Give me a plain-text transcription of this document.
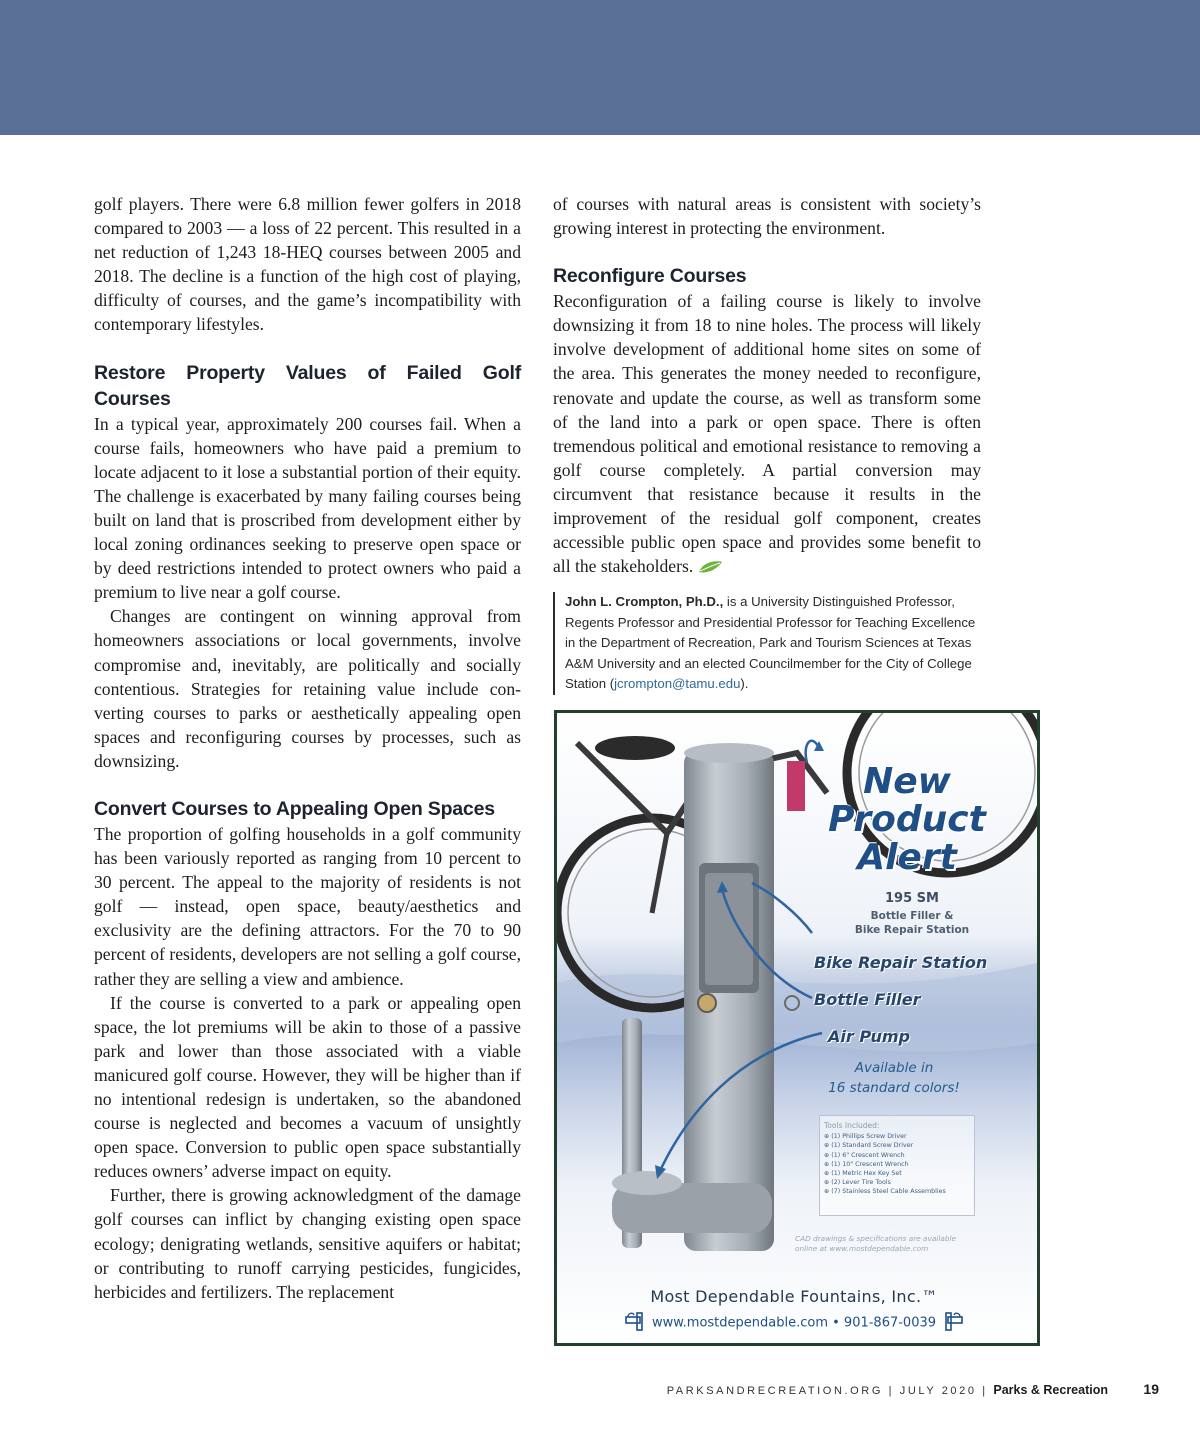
golf players. There were 6.8 million fewer golfers in 2018 compared to 2003 — a loss of 22 percent. This resulted in a net reduction of 1,243 18-HEQ courses between 2005 and 2018. The decline is a function of the high cost of playing, difficulty of courses, and the game’s incompatibility with contemporary lifestyles.

Restore Property Values of Failed Golf Courses

In a typical year, approximately 200 courses fail. When a course fails, homeowners who have paid a premium to locate adjacent to it lose a substantial portion of their equity. The challenge is exacerbated by many failing courses being built on land that is proscribed from development either by local zoning ordinances seeking to preserve open space or by deed restrictions intended to protect owners who paid a premium to live near a golf course.

Changes are contingent on winning approval from homeowners associations or local governments, involve compromise and, inevitably, are politically and socially contentious. Strategies for retaining value include converting courses to parks or aesthetically appealing open spaces and reconfiguring courses by processes, such as downsizing.

Convert Courses to Appealing Open Spaces

The proportion of golfing households in a golf community has been variously reported as ranging from 10 percent to 30 percent. The appeal to the majority of residents is not golf — instead, open space, beauty/aesthetics and exclusivity are the defining attractors. For the 70 to 90 percent of residents, developers are not selling a golf course, rather they are selling a view and ambience.

If the course is converted to a park or appealing open space, the lot premiums will be akin to those of a passive park and lower than those associated with a viable manicured golf course. However, they will be higher than if no intentional redesign is undertaken, so the abandoned course is neglected and becomes a vacuum of unsightly open space. Conversion to public open space substantially reduces owners’ adverse impact on equity.

Further, there is growing acknowledgment of the damage golf courses can inflict by changing existing open space ecology; denigrating wetlands, sensitive aquifers or habitat; or contributing to runoff carrying pesticides, fungicides, herbicides and fertilizers. The replacement

of courses with natural areas is consistent with society’s growing interest in protecting the environment.

Reconfigure Courses

Reconfiguration of a failing course is likely to involve downsizing it from 18 to nine holes. The process will likely involve development of additional home sites on some of the area. This generates the money needed to reconfigure, renovate and update the course, as well as transform some of the land into a park or open space. There is often tremendous political and emotional resistance to removing a golf course completely. A partial conversion may circumvent that resistance because it results in the improvement of the residual golf component, creates accessible public open space and provides some benefit to all the stakeholders.

John L. Crompton, Ph.D., is a University Distinguished Professor, Regents Professor and Presidential Professor for Teaching Excellence in the Department of Recreation, Park and Tourism Sciences at Texas A&M University and an elected Councilmember for the City of College Station (jcrompton@tamu.edu).
New
Product
Alert
195 SM
Bottle Filler &
Bike Repair Station
Bike Repair Station
Bottle Filler
Air Pump
Available in
16 standard colors!
Tools Included:
⊕ (1) Phillips Screw Driver
⊕ (1) Standard Screw Driver
⊕ (1) 6" Crescent Wrench
⊕ (1) 10" Crescent Wrench
⊕ (1) Metric Hex Key Set
⊕ (2) Lever Tire Tools
⊕ (7) Stainless Steel Cable Assemblies
CAD drawings & specifications are available
online at www.mostdependable.com
Most Dependable Fountains, Inc.™
www.mostdependable.com • 901-867-0039
PARKSANDRECREATION.ORG | JULY 2020 | Parks & Recreation	19
